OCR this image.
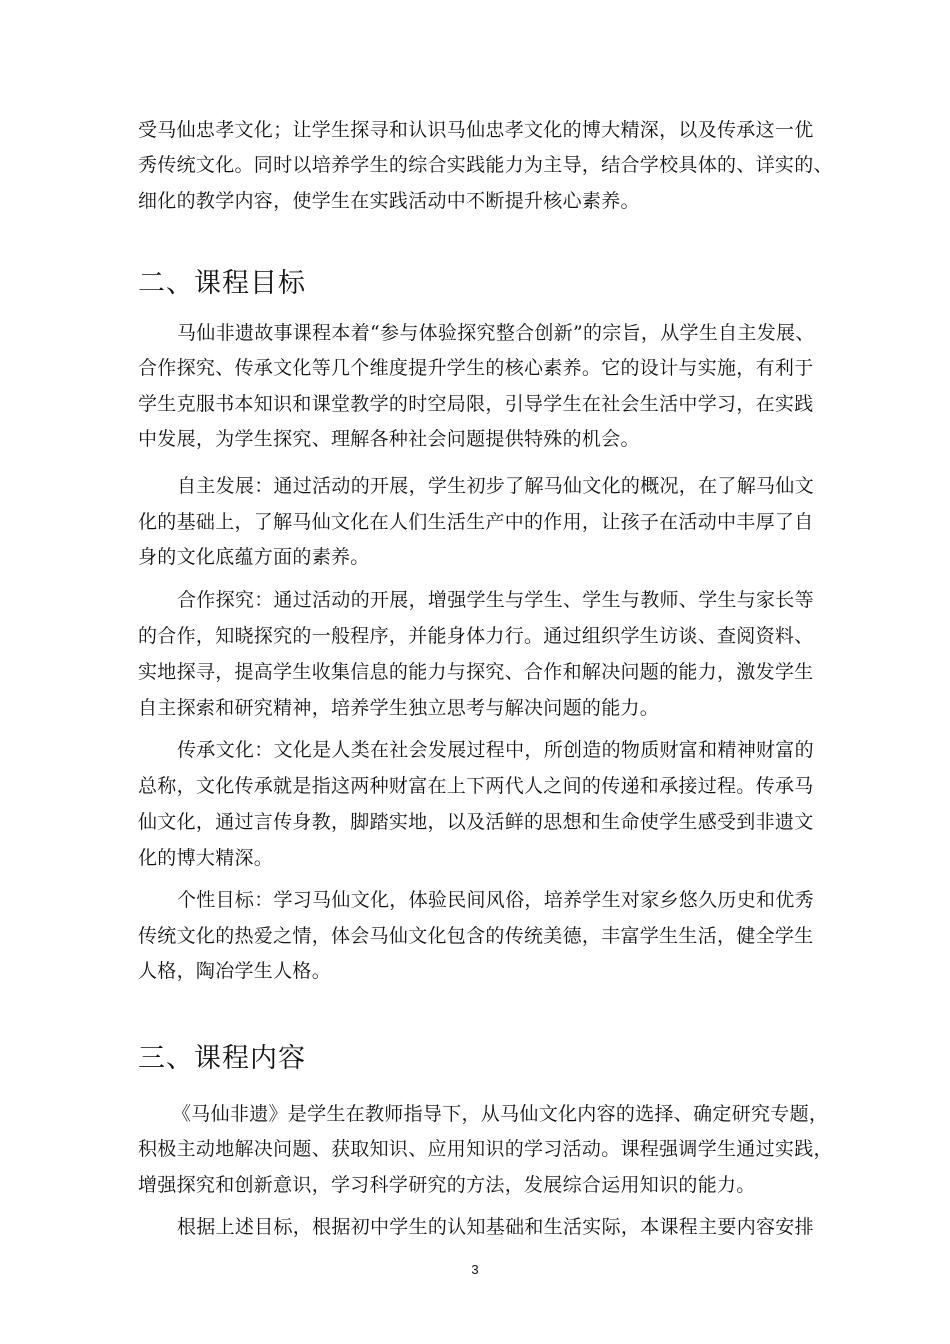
受马仙忠孝文化；让学生探寻和认识马仙忠孝文化的博大精深，以及传承这一优
秀传统文化。同时以培养学生的综合实践能力为主导，结合学校具体的、详实的、
细化的教学内容，使学生在实践活动中不断提升核心素养。
二、课程目标
马仙非遗故事课程本着“参与体验探究整合创新”的宗旨，从学生自主发展、
合作探究、传承文化等几个维度提升学生的核心素养。它的设计与实施，有利于
学生克服书本知识和课堂教学的时空局限，引导学生在社会生活中学习，在实践
中发展，为学生探究、理解各种社会问题提供特殊的机会。
自主发展：通过活动的开展，学生初步了解马仙文化的概况，在了解马仙文
化的基础上，了解马仙文化在人们生活生产中的作用，让孩子在活动中丰厚了自
身的文化底蕴方面的素养。
合作探究：通过活动的开展，增强学生与学生、学生与教师、学生与家长等
的合作，知晓探究的一般程序，并能身体力行。通过组织学生访谈、查阅资料、
实地探寻，提高学生收集信息的能力与探究、合作和解决问题的能力，激发学生
自主探索和研究精神，培养学生独立思考与解决问题的能力。
传承文化：文化是人类在社会发展过程中，所创造的物质财富和精神财富的
总称，文化传承就是指这两种财富在上下两代人之间的传递和承接过程。传承马
仙文化，通过言传身教，脚踏实地，以及活鲜的思想和生命使学生感受到非遗文
化的博大精深。
个性目标：学习马仙文化，体验民间风俗，培养学生对家乡悠久历史和优秀
传统文化的热爱之情，体会马仙文化包含的传统美德，丰富学生生活，健全学生
人格，陶冶学生人格。
三、课程内容
《马仙非遗》是学生在教师指导下，从马仙文化内容的选择、确定研究专题，
积极主动地解决问题、获取知识、应用知识的学习活动。课程强调学生通过实践，
增强探究和创新意识，学习科学研究的方法，发展综合运用知识的能力。
根据上述目标，根据初中学生的认知基础和生活实际，本课程主要内容安排
3
